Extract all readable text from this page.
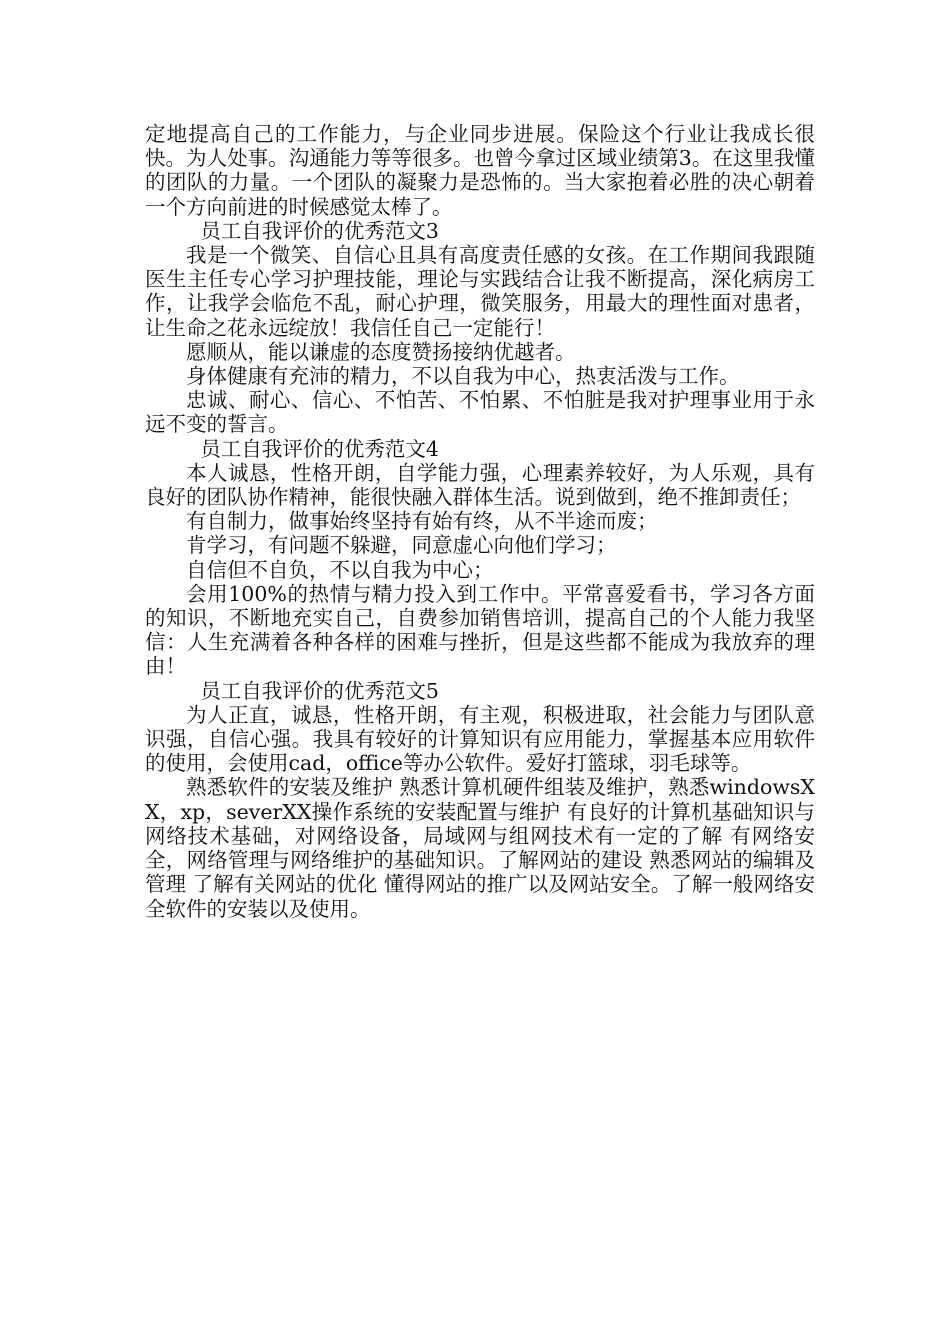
定地提高自己的工作能力，与企业同步进展。保险这个行业让我成长很快。为人处事。沟通能力等等很多。也曾今拿过区域业绩第3。在这里我懂的团队的力量。一个团队的凝聚力是恐怖的。当大家抱着必胜的决心朝着一个方向前进的时候感觉太棒了。

员工自我评价的优秀范文3

我是一个微笑、自信心且具有高度责任感的女孩。在工作期间我跟随医生主任专心学习护理技能，理论与实践结合让我不断提高，深化病房工作，让我学会临危不乱，耐心护理，微笑服务，用最大的理性面对患者，让生命之花永远绽放！我信任自己一定能行！

愿顺从，能以谦虚的态度赞扬接纳优越者。

身体健康有充沛的精力，不以自我为中心，热衷活泼与工作。

忠诚、耐心、信心、不怕苦、不怕累、不怕脏是我对护理事业用于永远不变的誓言。

员工自我评价的优秀范文4

本人诚恳，性格开朗，自学能力强，心理素养较好，为人乐观，具有良好的团队协作精神，能很快融入群体生活。说到做到，绝不推卸责任；

有自制力，做事始终坚持有始有终，从不半途而废；

肯学习，有问题不躲避，同意虚心向他们学习；

自信但不自负，不以自我为中心；

会用100%的热情与精力投入到工作中。平常喜爱看书，学习各方面的知识，不断地充实自己，自费参加销售培训，提高自己的个人能力我坚信：人生充满着各种各样的困难与挫折，但是这些都不能成为我放弃的理由！

员工自我评价的优秀范文5

为人正直，诚恳，性格开朗，有主观，积极进取，社会能力与团队意识强，自信心强。我具有较好的计算知识有应用能力，掌握基本应用软件的使用，会使用cad，office等办公软件。爱好打篮球，羽毛球等。

熟悉软件的安装及维护 熟悉计算机硬件组装及维护，熟悉windowsXX，xp，severXX操作系统的安装配置与维护 有良好的计算机基础知识与网络技术基础，对网络设备，局域网与组网技术有一定的了解 有网络安全，网络管理与网络维护的基础知识。了解网站的建设 熟悉网站的编辑及管理 了解有关网站的优化 懂得网站的推广以及网站安全。了解一般网络安全软件的安装以及使用。
